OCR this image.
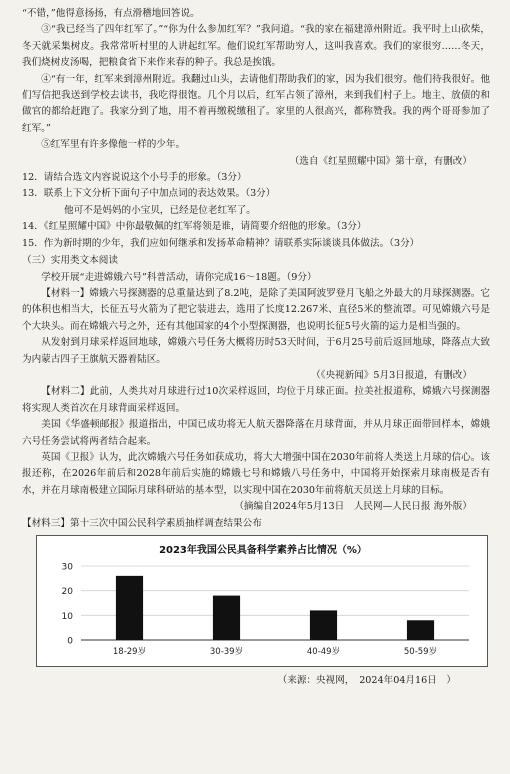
“不错，”他得意扬扬，有点滑稽地回答说。
③“我已经当了四年红军了。”“你为什么参加红军？”我问道。“我的家在福建漳州附近。我平时上山砍柴，冬天就采集树皮。我常常听村里的人讲起红军。他们说红军帮助穷人，这叫我喜欢。我们的家很穷……冬天，我们烧树皮汤喝，把粮食省下来作来春的种子。我总是挨饿。
④“有一年，红军来到漳州附近。我翻过山头，去请他们帮助我们的家，因为我们很穷。他们待我很好。他们写信把我送到学校去读书，我吃得很饱。几个月以后，红军占领了漳州，来到我们村子上。地主、放债的和做官的都给赶跑了。我家分到了地，用不着再缴税缴租了。家里的人很高兴，都称赞我。我的两个哥哥参加了红军。”
⑤红军里有许多像他一样的少年。
（选自《红星照耀中国》第十章，有删改）
12．请结合选文内容说说这个小号手的形象。（3分）
13．联系上下文分析下面句子中加点词的表达效果。（3分）
他可不是妈妈的小宝贝，已经是位老红军了。
14．《红星照耀中国》中你最敬佩的红军将领是谁，请简要介绍他的形象。（3分）
15．作为新时期的少年，我们应如何继承和发扬革命精神？请联系实际谈谈具体做法。（3分）
（三）实用类文本阅读
学校开展“走进嫦娥六号”科普活动，请你完成16～18题。（9分）
【材料一】嫦娥六号探测器的总重量达到了8.2吨，是除了美国阿波罗登月飞船之外最大的月球探测器。它的体积也相当大，长征五号火箭为了把它装进去，选用了长度12.267米、直径5米的整流罩。可见嫦娥六号是个大块头。而在嫦娥六号之外，还有其他国家的4个小型探测器，也说明长征5号火箭的运力是相当强的。
从发射到月球采样返回地球，嫦娥六号任务大概将历时53天时间，于6月25号前后返回地球，降落点大致为内蒙古四子王旗航天器着陆区。
（《央视新闻》5月3日报道，有删改）
【材料二】此前，人类共对月球进行过10次采样返回，均位于月球正面。拉美社报道称，嫦娥六号探测器将实现人类首次在月球背面采样返回。
美国《华盛顿邮报》报道指出，中国已成功将无人航天器降落在月球背面，并从月球正面带回样本，嫦娥六号任务尝试将两者结合起来。
英国《卫报》认为，此次嫦娥六号任务如获成功，将大大增强中国在2030年前将人类送上月球的信心。该报还称，在2026年前后和2028年前后实施的嫦娥七号和嫦娥八号任务中，中国将开始探索月球南极是否有水，并在月球南极建立国际月球科研站的基本型，以实现中国在2030年前将航天员送上月球的目标。
（摘编自2024年5月13日　人民网—人民日报 海外版）
【材料三】第十三次中国公民科学素质抽样调查结果公布
2023年我国公民具备科学素养占比情况（%）
0
10
20
30
18-29岁	30-39岁	40-49岁	50-59岁
（来源：央视网，　2024年04月16日　）
